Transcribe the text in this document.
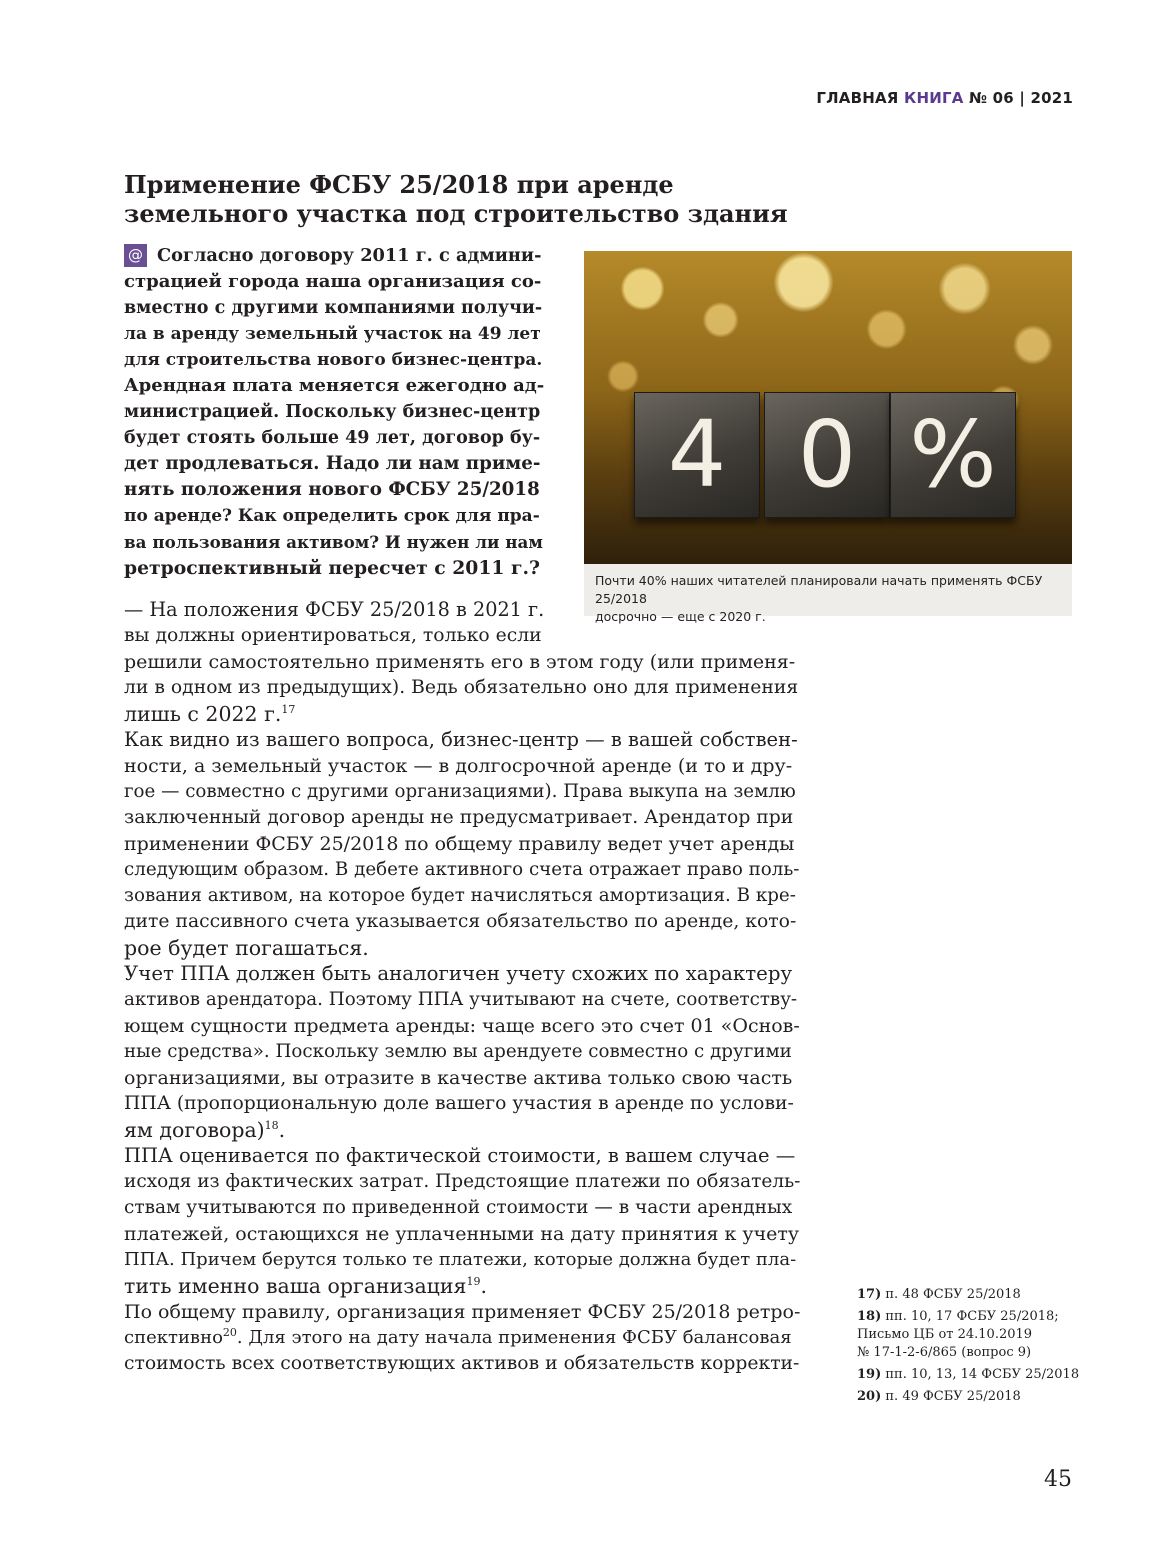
ГЛАВНАЯ КНИГА № 06 | 2021
Применение ФСБУ 25/2018 при аренде
земельного участка под строительство здания
@ Согласно договору 2011 г. с админи-
страцией города наша организация со-
вместно с другими компаниями получи-
ла в аренду земельный участок на 49 лет
для строительства нового бизнес-центра.
Арендная плата меняется ежегодно ад-
министрацией. Поскольку бизнес-центр
будет стоять больше 49 лет, договор бу-
дет продлеваться. Надо ли нам приме-
нять положения нового ФСБУ 25/2018
по аренде? Как определить срок для пра-
ва пользования активом? И нужен ли нам
ретроспективный пересчет с 2011 г.?
— На положения ФСБУ 25/2018 в 2021 г.
вы должны ориентироваться, только если
решили самостоятельно применять его в этом году (или применя-
ли в одном из предыдущих). Ведь обязательно оно для применения
лишь с 2022 г.$^{17}$
Как видно из вашего вопроса, бизнес-центр — в вашей собствен-
ности, а земельный участок — в долгосрочной аренде (и то и дру-
гое — совместно с другими организациями). Права выкупа на землю
заключенный договор аренды не предусматривает. Арендатор при
применении ФСБУ 25/2018 по общему правилу ведет учет аренды
следующим образом. В дебете активного счета отражает право поль-
зования активом, на которое будет начисляться амортизация. В кре-
дите пассивного счета указывается обязательство по аренде, кото-
рое будет погашаться.
Учет ППА должен быть аналогичен учету схожих по характеру
активов арендатора. Поэтому ППА учитывают на счете, соответству-
ющем сущности предмета аренды: чаще всего это счет 01 «Основ-
ные средства». Поскольку землю вы арендуете совместно с другими
организациями, вы отразите в качестве актива только свою часть
ППА (пропорциональную доле вашего участия в аренде по услови-
ям договора)$^{18}$.
ППА оценивается по фактической стоимости, в вашем случае —
исходя из фактических затрат. Предстоящие платежи по обязатель-
ствам учитываются по приведенной стоимости — в части арендных
платежей, остающихся не уплаченными на дату принятия к учету
ППА. Причем берутся только те платежи, которые должна будет пла-
тить именно ваша организация$^{19}$.
По общему правилу, организация применяет ФСБУ 25/2018 ретро-
спективно$^{20}$. Для этого на дату начала применения ФСБУ балансовая
стоимость всех соответствующих активов и обязательств корректи-
4 0 %
Почти 40% наших читателей планировали начать применять ФСБУ 25/2018
досрочно — еще с 2020 г.
17) п. 48 ФСБУ 25/2018
18) пп. 10, 17 ФСБУ 25/2018;
Письмо ЦБ от 24.10.2019
№ 17-1-2-6/865 (вопрос 9)
19) пп. 10, 13, 14 ФСБУ 25/2018
20) п. 49 ФСБУ 25/2018
45
